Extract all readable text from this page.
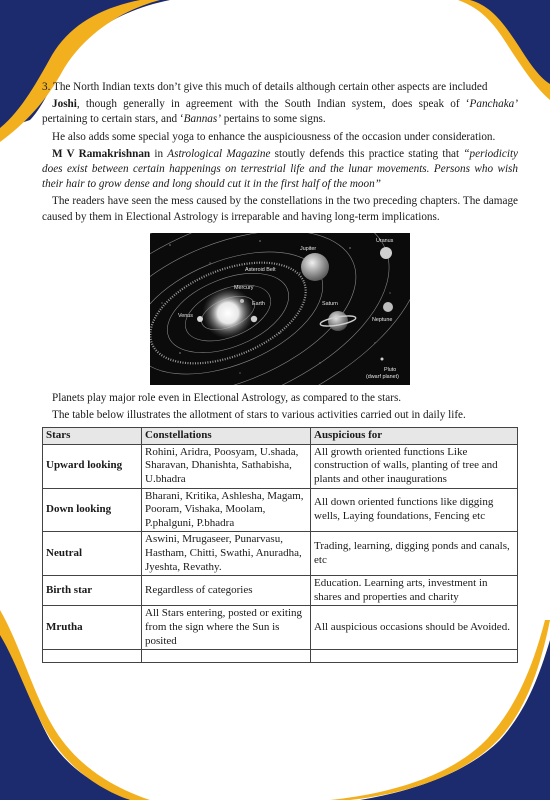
3. The North Indian texts don’t give this much of details although certain other aspects are included

Joshi, though generally in agreement with the South Indian system, does speak of ‘Panchaka’ pertaining to certain stars, and ‘Bannas’ pertains to some signs.

He also adds some special yoga to enhance the auspiciousness of the occasion under consideration.

M V Ramakrishnan in Astrological Magazine stoutly defends this practice stating that “periodicity does exist between certain happenings on terrestrial life and the lunar movements. Persons who wish their hair to grow dense and long should cut it in the first half of the moon”

The readers have seen the mess caused by the constellations in the two preceding chapters. The damage caused by them in Electional Astrology is irreparable and having long-term implications.

Uranus
Jupiter
Asteroid Belt
Mercury
Earth
Venus
Saturn
Neptune
Pluto
(dwarf planet)

Planets play major role even in Electional Astrology, as compared to the stars.

The table below illustrates the allotment of stars to various activities carried out in daily life.

Stars	Constellations	Auspicious for
Upward looking	Rohini, Aridra, Poosyam, U.shada, Sharavan, Dhanishta, Sathabisha, U.bhadra	All growth oriented functions Like construction of walls, planting of tree and plants and other inaugurations
Down looking	Bharani, Kritika, Ashlesha, Magam, Pooram, Vishaka, Moolam, P.phalguni, P.bhadra	All down oriented functions like digging wells, Laying foundations, Fencing etc
Neutral	Aswini, Mrugaseer, Punarvasu, Hastham, Chitti, Swathi, Anuradha, Jyeshta, Revathy.	Trading, learning, digging ponds and canals, etc
Birth star	Regardless of categories	Education. Learning arts, investment in shares and properties and charity
Mrutha	All Stars entering, posted or exiting from the sign where the Sun is posited	All auspicious occasions should be Avoided.
